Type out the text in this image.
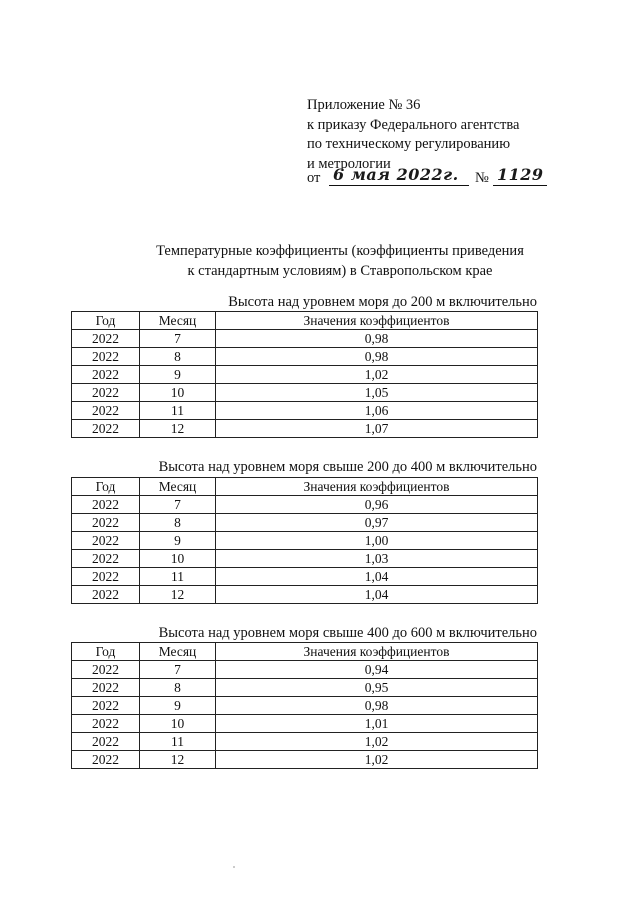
Приложение № 36
к приказу Федерального агентства
по техническому регулированию
и метрологии
от 6 мая 2022г.	№ 1129
Температурные коэффициенты (коэффициенты приведения
к стандартным условиям) в Ставропольском крае
Высота над уровнем моря до 200 м включительно
Год	Месяц	Значения коэффициентов
2022	7	0,98
2022	8	0,98
2022	9	1,02
2022	10	1,05
2022	11	1,06
2022	12	1,07
Высота над уровнем моря свыше 200 до 400 м включительно
Год	Месяц	Значения коэффициентов
2022	7	0,96
2022	8	0,97
2022	9	1,00
2022	10	1,03
2022	11	1,04
2022	12	1,04
Высота над уровнем моря свыше 400 до 600 м включительно
Год	Месяц	Значения коэффициентов
2022	7	0,94
2022	8	0,95
2022	9	0,98
2022	10	1,01
2022	11	1,02
2022	12	1,02
